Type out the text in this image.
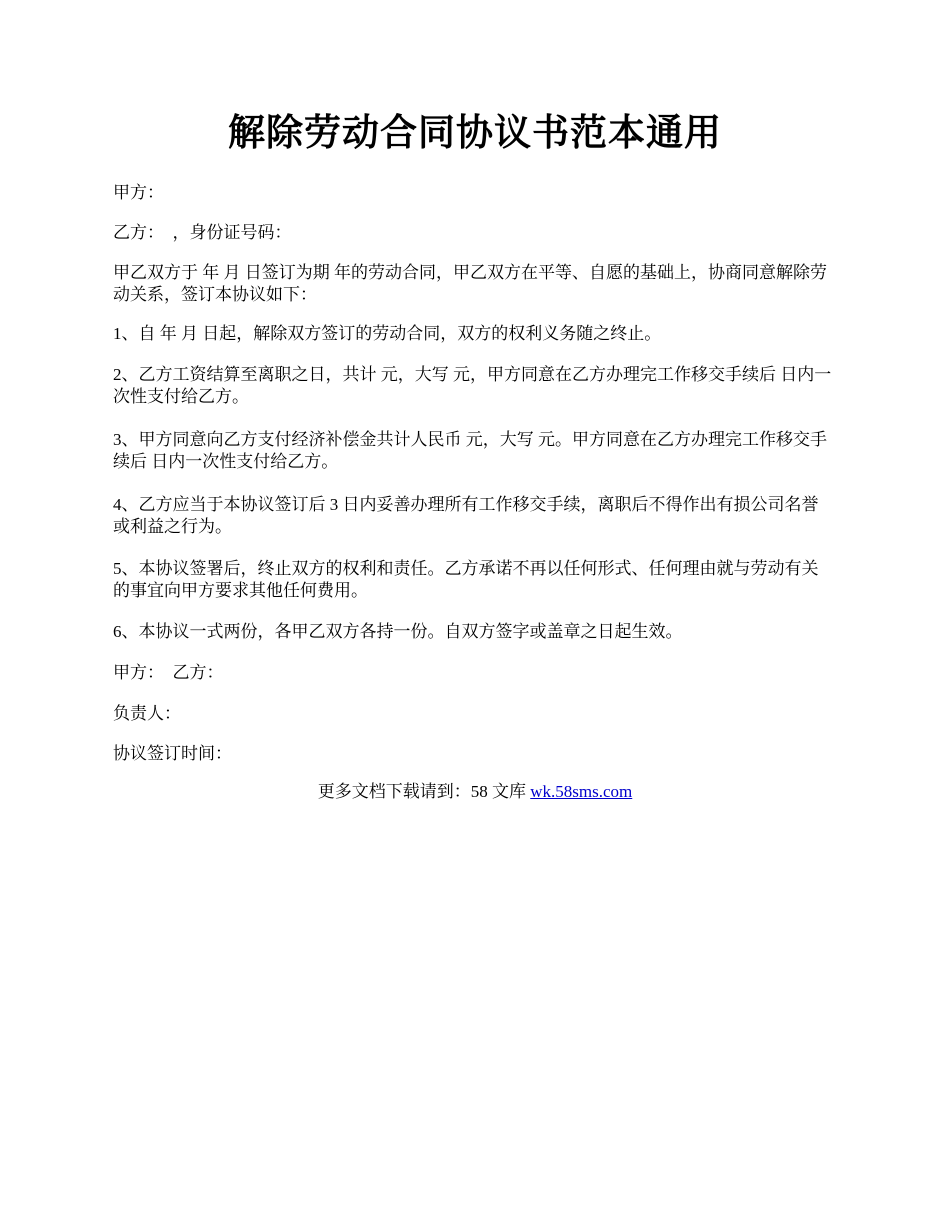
解除劳动合同协议书范本通用
甲方：
乙方：　，身份证号码：
甲乙双方于 年 月 日签订为期 年的劳动合同，甲乙双方在平等、自愿的基础上，协商同意解除劳动关系，签订本协议如下：
1、自 年 月 日起，解除双方签订的劳动合同，双方的权利义务随之终止。
2、乙方工资结算至离职之日，共计 元，大写 元，甲方同意在乙方办理完工作移交手续后 日内一次性支付给乙方。
3、甲方同意向乙方支付经济补偿金共计人民币 元，大写 元。甲方同意在乙方办理完工作移交手续后 日内一次性支付给乙方。
4、乙方应当于本协议签订后 3 日内妥善办理所有工作移交手续，离职后不得作出有损公司名誉或利益之行为。
5、本协议签署后，终止双方的权利和责任。乙方承诺不再以任何形式、任何理由就与劳动有关的事宜向甲方要求其他任何费用。
6、本协议一式两份，各甲乙双方各持一份。自双方签字或盖章之日起生效。
甲方：　乙方：
负责人：
协议签订时间：
更多文档下载请到：58 文库 wk.58sms.com
